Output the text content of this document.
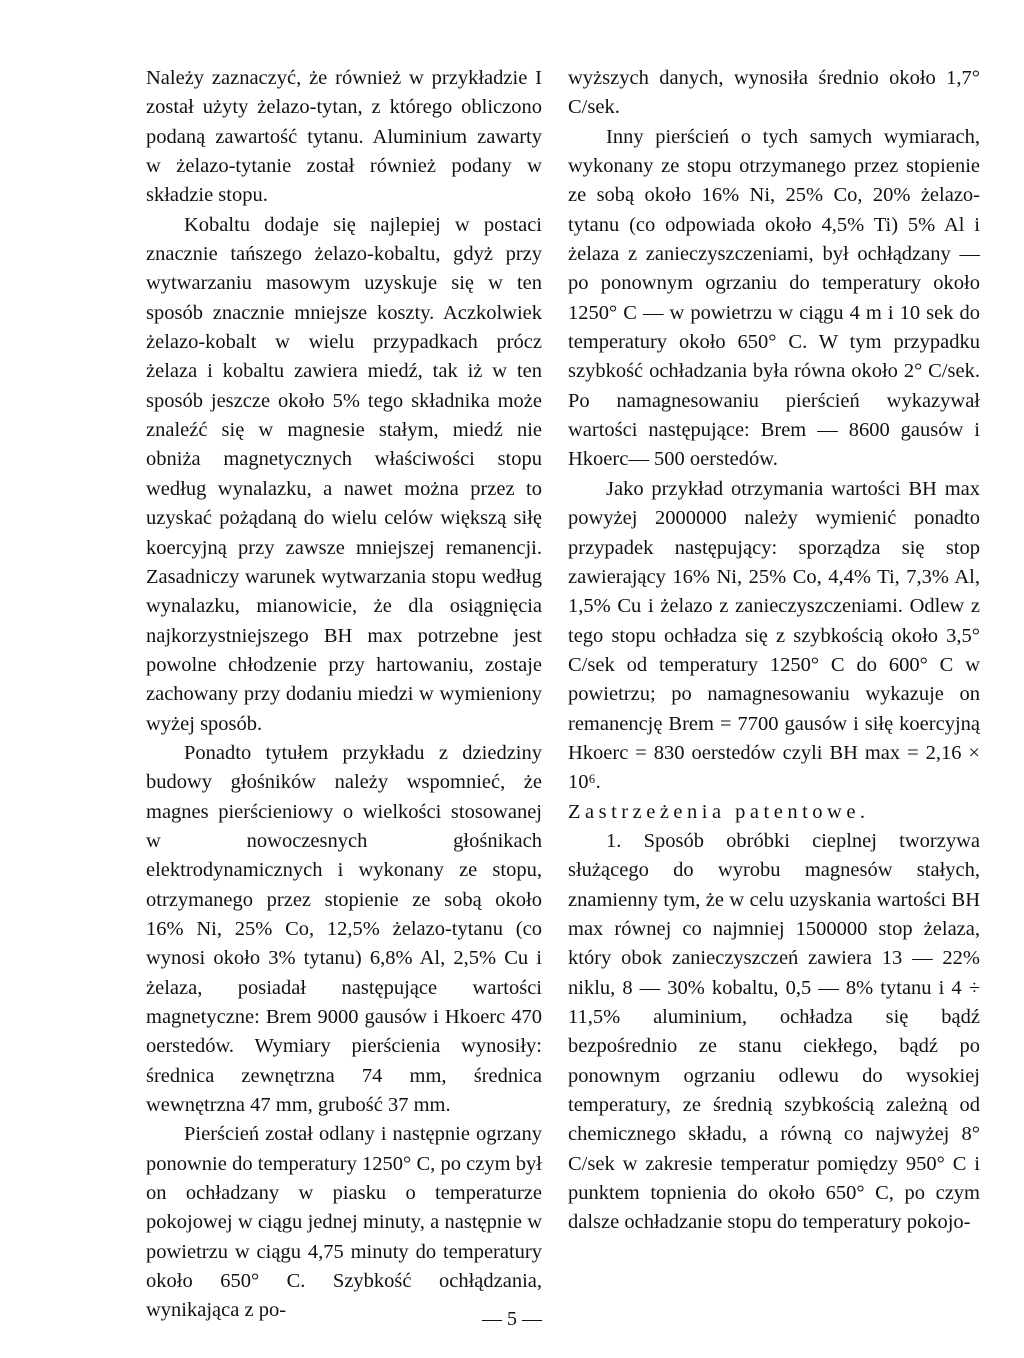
Należy zaznaczyć, że również w przykładzie I został użyty żelazo-tytan, z którego obliczono podaną zawartość tytanu. Aluminium zawarty w żelazo-tytanie został również podany w składzie stopu.

Kobaltu dodaje się najlepiej w postaci znacznie tańszego żelazo-kobaltu, gdyż przy wytwarzaniu masowym uzyskuje się w ten sposób znacznie mniejsze koszty. Aczkolwiek żelazo-kobalt w wielu przypadkach prócz żelaza i kobaltu zawiera miedź, tak iż w ten sposób jeszcze około 5% tego składnika może znaleźć się w magnesie stałym, miedź nie obniża magnetycznych właściwości stopu według wynalazku, a nawet można przez to uzyskać pożądaną do wielu celów większą siłę koercyjną przy zawsze mniejszej remanencji. Zasadniczy warunek wytwarzania stopu według wynalazku, mianowicie, że dla osiągnięcia najkorzystniejszego BH max potrzebne jest powolne chłodzenie przy hartowaniu, zostaje zachowany przy dodaniu miedzi w wymieniony wyżej sposób.

Ponadto tytułem przykładu z dziedziny budowy głośników należy wspomnieć, że magnes pierścieniowy o wielkości stosowanej w nowoczesnych głośnikach elektrodynamicznych i wykonany ze stopu, otrzymanego przez stopienie ze sobą około 16% Ni, 25% Co, 12,5% żelazo-tytanu (co wynosi około 3% tytanu) 6,8% Al, 2,5% Cu i żelaza, posiadał następujące wartości magnetyczne: Brem 9000 gausów i Hkoerc 470 oerstedów. Wymiary pierścienia wynosiły: średnica zewnętrzna 74 mm, średnica wewnętrzna 47 mm, grubość 37 mm.

Pierścień został odlany i następnie ogrzany ponownie do temperatury 1250° C, po czym był on ochładzany w piasku o temperaturze pokojowej w ciągu jednej minuty, a następnie w powietrzu w ciągu 4,75 minuty do temperatury około 650° C. Szybkość ochłądzania, wynikająca z po-

wyższych danych, wynosiła średnio około 1,7° C/sek.

Inny pierścień o tych samych wymiarach, wykonany ze stopu otrzymanego przez stopienie ze sobą około 16% Ni, 25% Co, 20% żelazo-tytanu (co odpowiada około 4,5% Ti) 5% Al i żelaza z zanieczyszczeniami, był ochłądzany — po ponownym ogrzaniu do temperatury około 1250° C — w powietrzu w ciągu 4 m i 10 sek do temperatury około 650° C. W tym przypadku szybkość ochładzania była równa około 2° C/sek. Po namagnesowaniu pierścień wykazywał wartości następujące: Brem — 8600 gausów i Hkoerc— 500 oerstedów.

Jako przykład otrzymania wartości BH max powyżej 2000000 należy wymienić ponadto przypadek następujący: sporządza się stop zawierający 16% Ni, 25% Co, 4,4% Ti, 7,3% Al, 1,5% Cu i żelazo z zanieczyszczeniami. Odlew z tego stopu ochładza się z szybkością około 3,5° C/sek od temperatury 1250° C do 600° C w powietrzu; po namagnesowaniu wykazuje on remanencję Brem = 7700 gausów i siłę koercyjną Hkoerc = 830 oerstedów czyli BH max = 2,16 × 10⁶.

Zastrzeżenia patentowe.

1. Sposób obróbki cieplnej tworzywa służącego do wyrobu magnesów stałych, znamienny tym, że w celu uzyskania wartości BH max równej co najmniej 1500000 stop żelaza, który obok zanieczyszczeń zawiera 13 — 22% niklu, 8 — 30% kobaltu, 0,5 — 8% tytanu i 4 ÷ 11,5% aluminium, ochładza się bądź bezpośrednio ze stanu ciekłego, bądź po ponownym ogrzaniu odlewu do wysokiej temperatury, ze średnią szybkością zależną od chemicznego składu, a równą co najwyżej 8° C/sek w zakresie temperatur pomiędzy 950° C i punktem topnienia do około 650° C, po czym dalsze ochładzanie stopu do temperatury pokojo-

— 5 —
